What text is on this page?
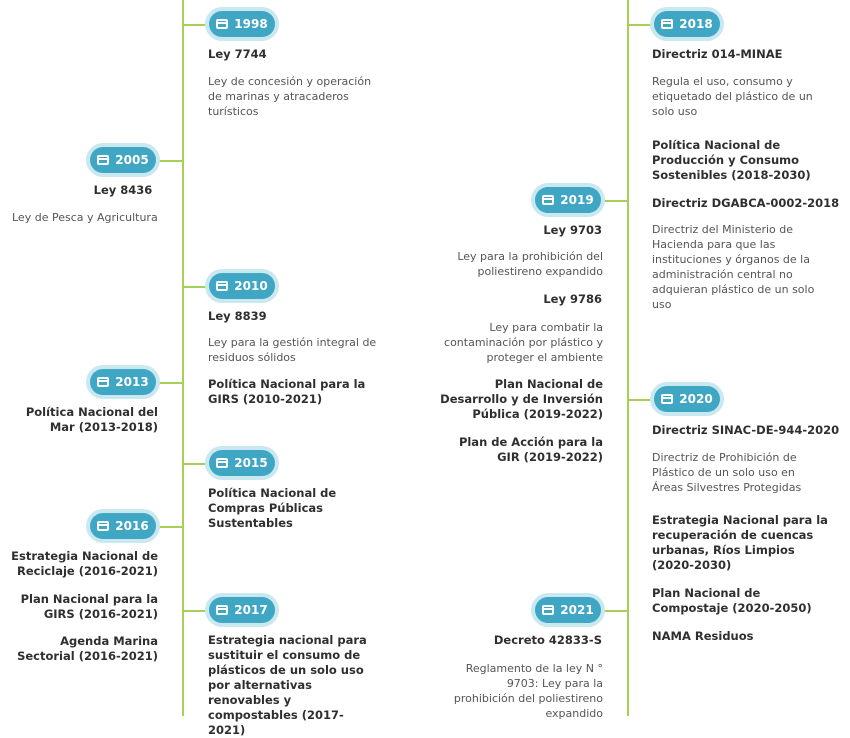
1998
2005
2010
2013
2015
2016
2017
2018
2019
2020
2021
Ley 7744
Ley de concesión y operación de marinas y atracaderos turísticos
Ley 8436
Ley de Pesca y Agricultura
Ley 8839
Ley para la gestión integral de residuos sólidos
Política Nacional para la GIRS (2010-2021)
Política Nacional del Mar (2013-2018)
Política Nacional de Compras Públicas Sustentables
Estrategia Nacional de Reciclaje (2016-2021)
Plan Nacional para la GIRS (2016-2021)
Agenda Marina Sectorial (2016-2021)
Estrategia nacional para sustituir el consumo de plásticos de un solo uso por alternativas renovables y compostables (2017-2021)
Directriz 014-MINAE
Regula el uso, consumo y etiquetado del plástico de un solo uso
Política Nacional de Producción y Consumo Sostenibles (2018-2030)
Directriz DGABCA-0002-2018
Directriz del Ministerio de Hacienda para que las instituciones y órganos de la administración central no adquieran plástico de un solo uso
Ley 9703
Ley para la prohibición del poliestireno expandido
Ley 9786
Ley para combatir la contaminación por plástico y proteger el ambiente
Plan Nacional de Desarrollo y de Inversión Pública (2019-2022)
Plan de Acción para la GIR (2019-2022)
Directriz SINAC-DE-944-2020
Directriz de Prohibición de Plástico de un solo uso en Áreas Silvestres Protegidas
Estrategia Nacional para la recuperación de cuencas urbanas, Ríos Limpios (2020-2030)
Plan Nacional de Compostaje (2020-2050)
NAMA Residuos
Decreto 42833-S
Reglamento de la ley N ° 9703: Ley para la prohibición del poliestireno expandido
